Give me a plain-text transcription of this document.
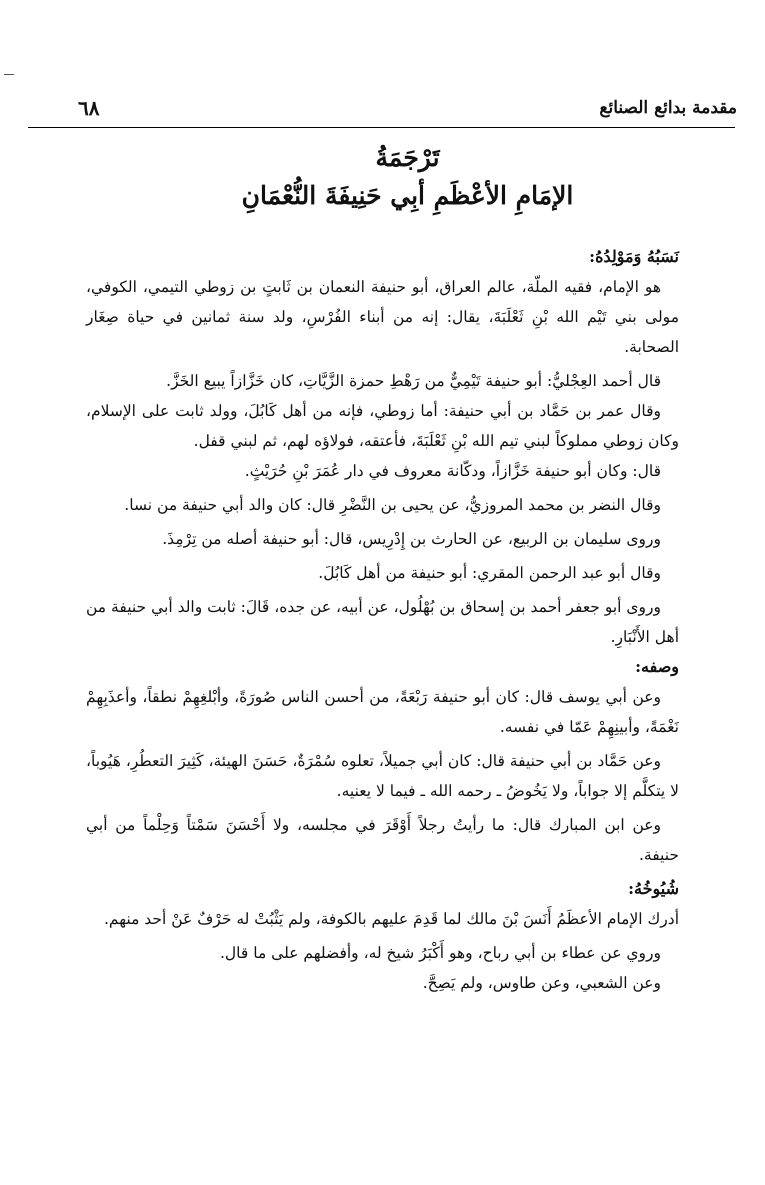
٦٨	مقدمة بدائع الصنائع
تَرْجَمَةُ
الإمَامِ الأعْظَمِ أبِي حَنِيفَةَ النُّعْمَانِ

نَسَبُهُ وَمَوْلِدُهُ:

هو الإمام، فقيه الملّة، عالم العراق، أبو حنيفة النعمان بن ثَابتٍ بن زوطي التيمي، الكوفي، مولى بني تَيْم الله بْنِ ثَعْلَبَةَ، يقال: إنه من أبناء الفُرْسِ، ولد سنة ثمانين في حياة صِغَار الصحابة.

قال أحمد العِجْليُّ: أبو حنيفة تَيْمِيٌّ من رَهْطِ حمزة الزَّيَّاتِ، كان خَزَّازاً يبيع الخَزَّ.

وقال عمر بن حَمَّاد بن أبي حنيفة: أما زوطي، فإنه من أهل كَابُلَ، وولد ثابت على الإسلام، وكان زوطي مملوكاً لبني تيم الله بْنِ ثَعْلَبَةَ، فأعتقه، فولاؤه لهم، ثم لبني قفل.

قال: وكان أبو حنيفة خَزَّازاً، ودكّانة معروف في دار عُمَرَ بْنِ حُرَيْثٍ.

وقال النضر بن محمد المروزيُّ، عن يحيى بن النَّضْرِ قال: كان والد أبي حنيفة من نسا.

وروى سليمان بن الربيع، عن الحارث بن إِدْرِيس، قال: أبو حنيفة أصله من تِرْمِذَ.

وقال أبو عبد الرحمن المقري: أبو حنيفة من أهل كَابُلَ.

وروى أبو جعفر أحمد بن إسحاق بن بُهْلُول، عن أبيه، عن جده، قَالَ: ثابت والد أبي حنيفة من أهل الأَنْبَارِ.

وصفه:

وعن أبي يوسف قال: كان أبو حنيفة رَبْعَةً، من أحسن الناس صُورَةً، وأبْلغِهِمْ نطقاً، وأعذَبِهِمْ نَغْمَةً، وأبينِهِمْ عَمّا في نفسه.

وعن حَمَّاد بن أبي حنيفة قال: كان أبي جميلاً، تعلوه سُمْرَةٌ، حَسَنَ الهيئة، كَثِيرَ التعطُرِ، هَيُوباً، لا يتكلَّم إلا جواباً، ولا يَخُوضُ ـ رحمه الله ـ فيما لا يعنيه.

وعن ابن المبارك قال: ما رأيتُ رجلاً أَوْقَرَ في مجلسه، ولا أَحْسَنَ سَمْتاً وَحِلْماً من أبي حنيفة.

شُيُوخُهُ:

أدرك الإمام الأعظَمُ أَنَسَ بْنَ مالك لما قَدِمَ عليهم بالكوفة، ولم يَثْبُتْ له حَرْفٌ عَنْ أحد منهم.

وروي عن عطاء بن أبي رباح، وهو أَكْبَرُ شيخ له، وأفضلهم على ما قال.

وعن الشعبي، وعن طاوس، ولم يَصِحَّ.
